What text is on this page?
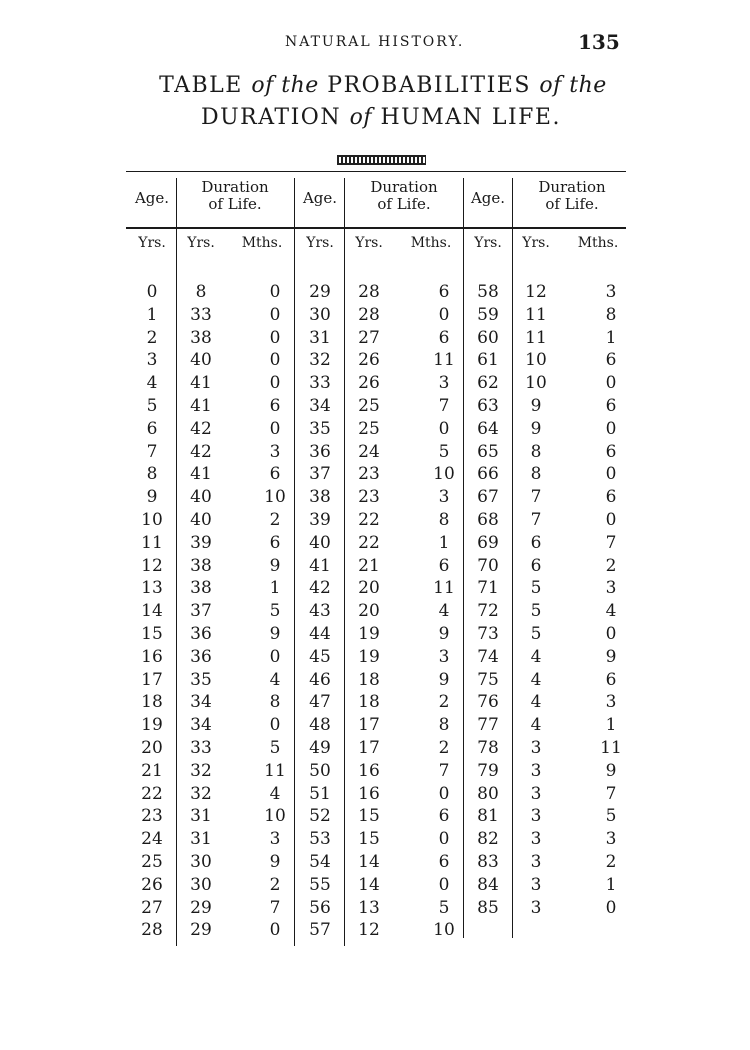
NATURAL HISTORY.	135
TABLE of the PROBABILITIES of the
DURATION of HUMAN LIFE.
Age.
Duration
of Life.
Yrs.	Yrs.	Mths.
0	8	0
1	33	0
2	38	0
3	40	0
4	41	0
5	41	6
6	42	0
7	42	3
8	41	6
9	40	10
10	40	2
11	39	6
12	38	9
13	38	1
14	37	5
15	36	9
16	36	0
17	35	4
18	34	8
19	34	0
20	33	5
21	32	11
22	32	4
23	31	10
24	31	3
25	30	9
26	30	2
27	29	7
28	29	0
Age.
Duration
of Life.
Yrs.	Yrs.	Mths.
29	28	6
30	28	0
31	27	6
32	26	11
33	26	3
34	25	7
35	25	0
36	24	5
37	23	10
38	23	3
39	22	8
40	22	1
41	21	6
42	20	11
43	20	4
44	19	9
45	19	3
46	18	9
47	18	2
48	17	8
49	17	2
50	16	7
51	16	0
52	15	6
53	15	0
54	14	6
55	14	0
56	13	5
57	12	10
Age.
Duration
of Life.
Yrs.	Yrs.	Mths.
58	12	3
59	11	8
60	11	1
61	10	6
62	10	0
63	9	6
64	9	0
65	8	6
66	8	0
67	7	6
68	7	0
69	6	7
70	6	2
71	5	3
72	5	4
73	5	0
74	4	9
75	4	6
76	4	3
77	4	1
78	3	11
79	3	9
80	3	7
81	3	5
82	3	3
83	3	2
84	3	1
85	3	0
